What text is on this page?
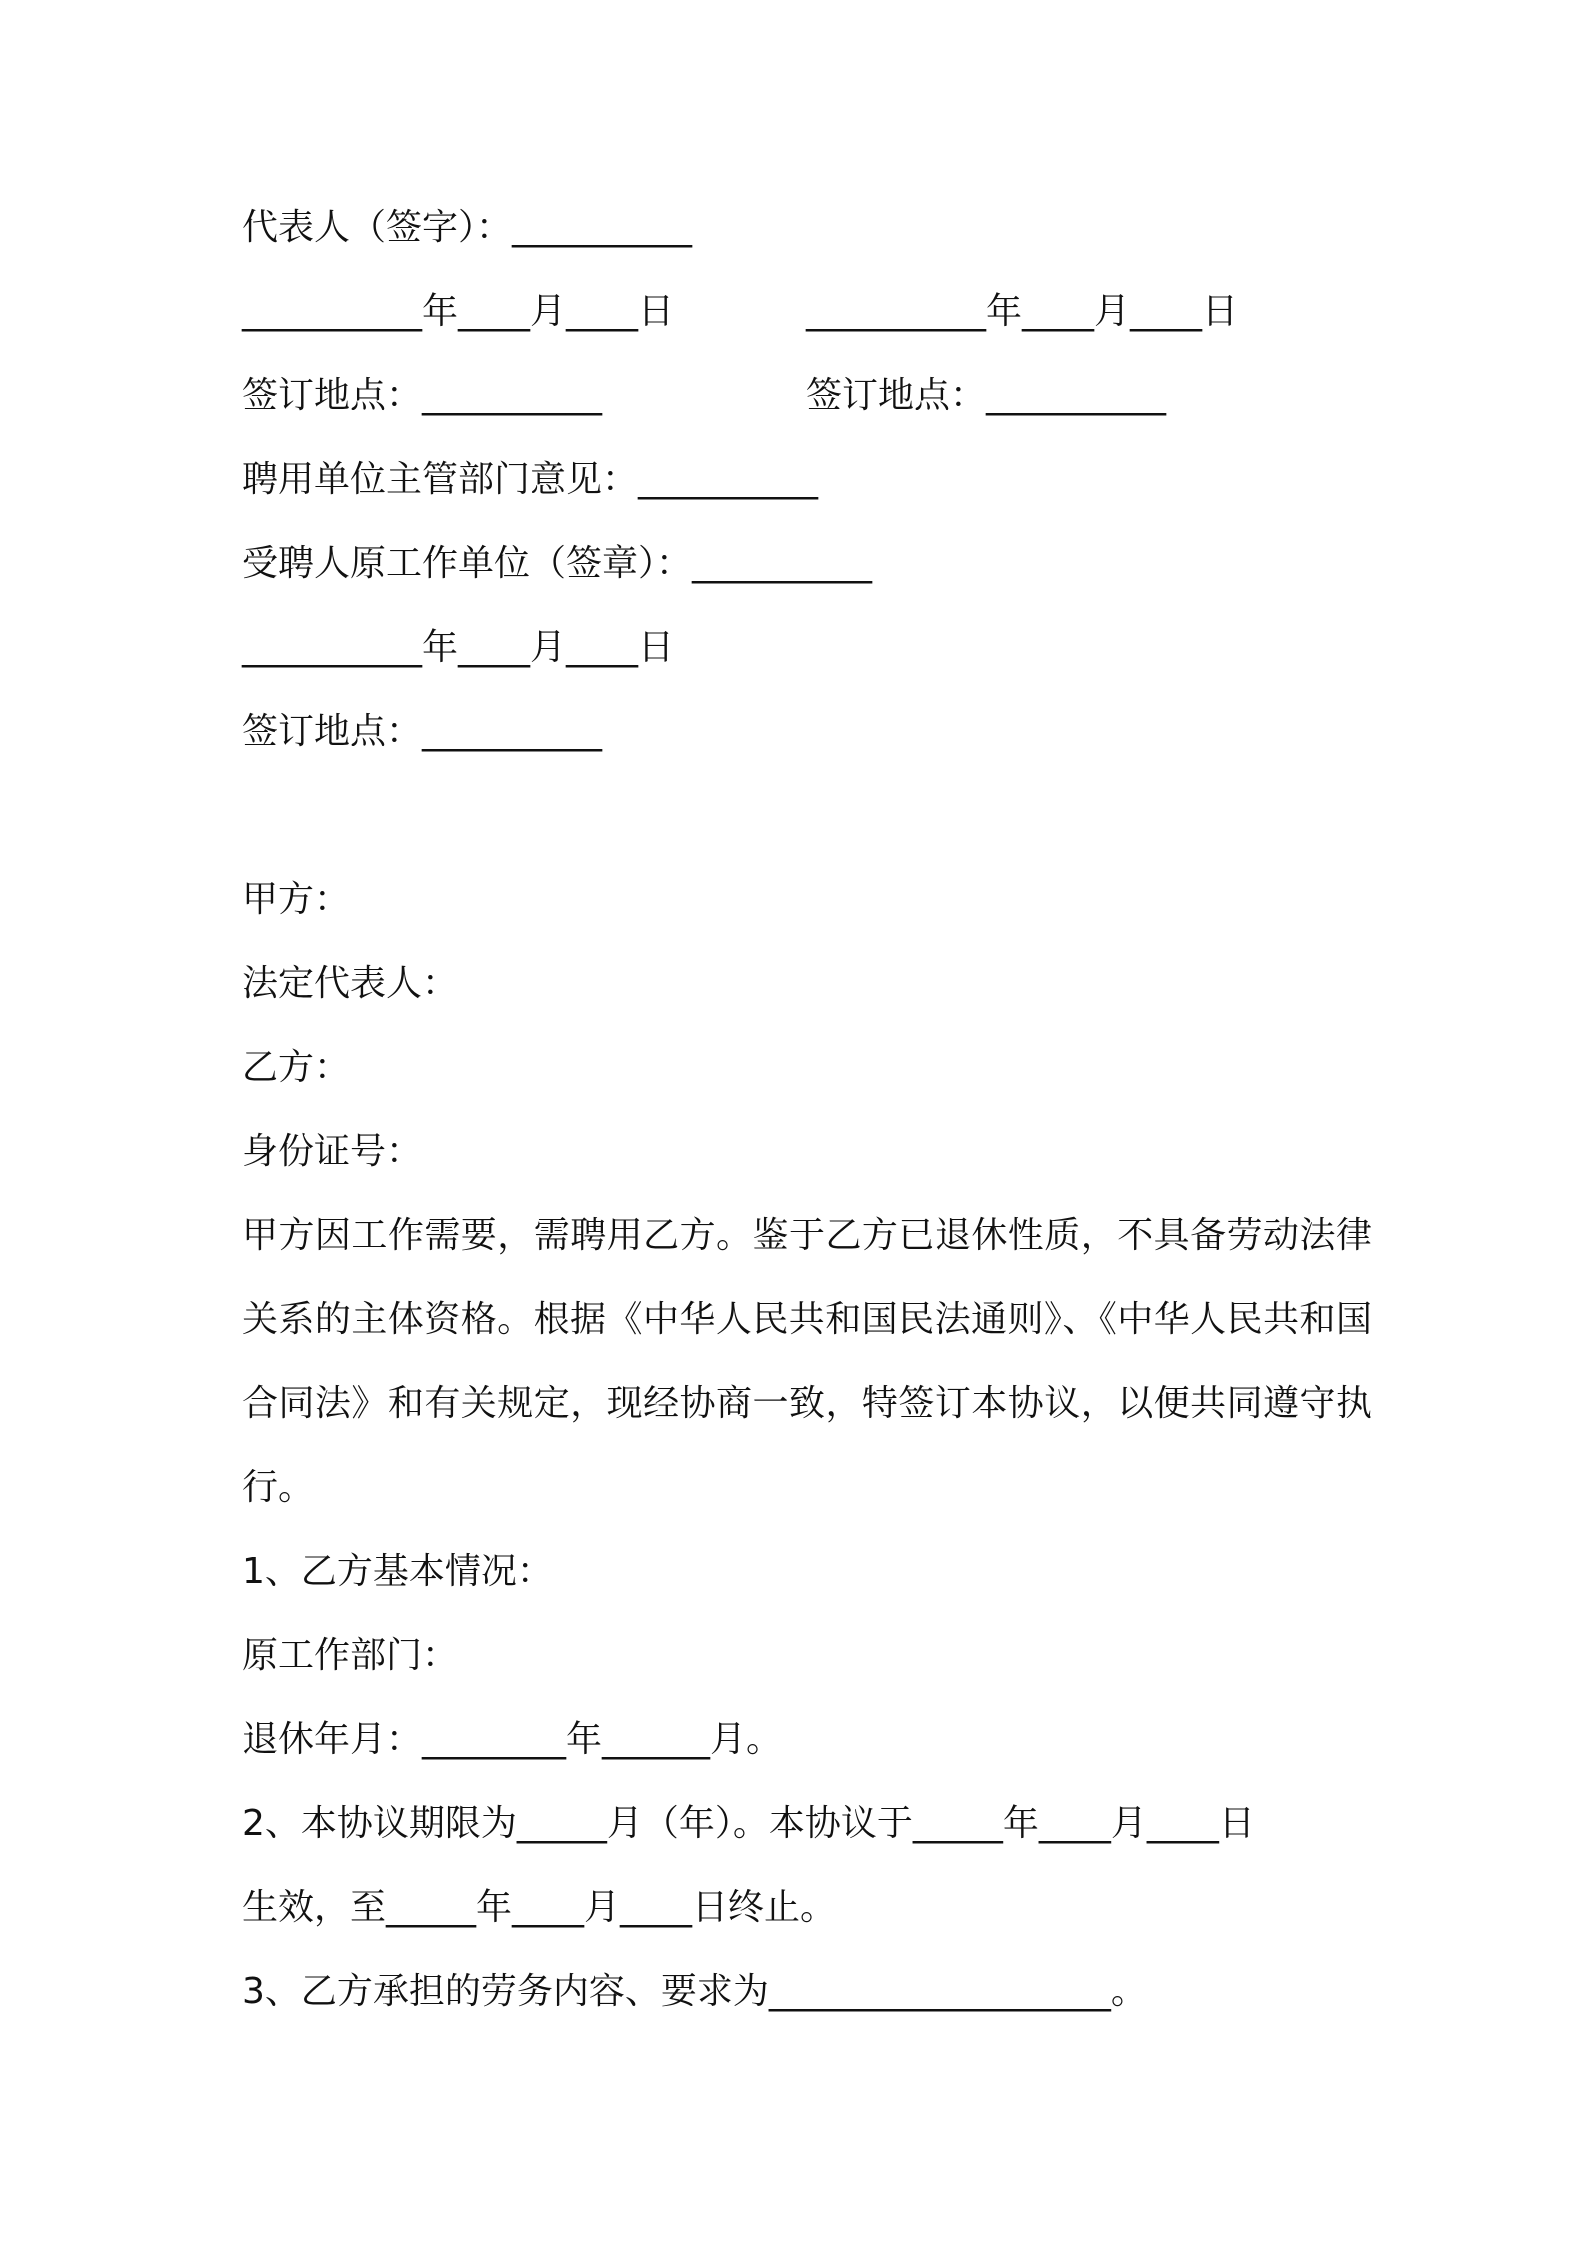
代表人（签字）：__________
__________年____月____日	__________年____月____日
签订地点：__________	签订地点：__________
聘用单位主管部门意见：__________
受聘人原工作单位（签章）：__________
__________年____月____日
签订地点：__________
甲方：
法定代表人：
乙方：
身份证号：
甲方因工作需要，需聘用乙方。鉴于乙方已退休性质，不具备劳动法律关系的主体资格。根据《中华人民共和国民法通则》、《中华人民共和国合同法》和有关规定，现经协商一致，特签订本协议，以便共同遵守执行。
1、乙方基本情况：
原工作部门：
退休年月：________年______月。
2、本协议期限为_____月（年）。本协议于_____年____月____日
生效，至_____年____月____日终止。
3、乙方承担的劳务内容、要求为___________________。
